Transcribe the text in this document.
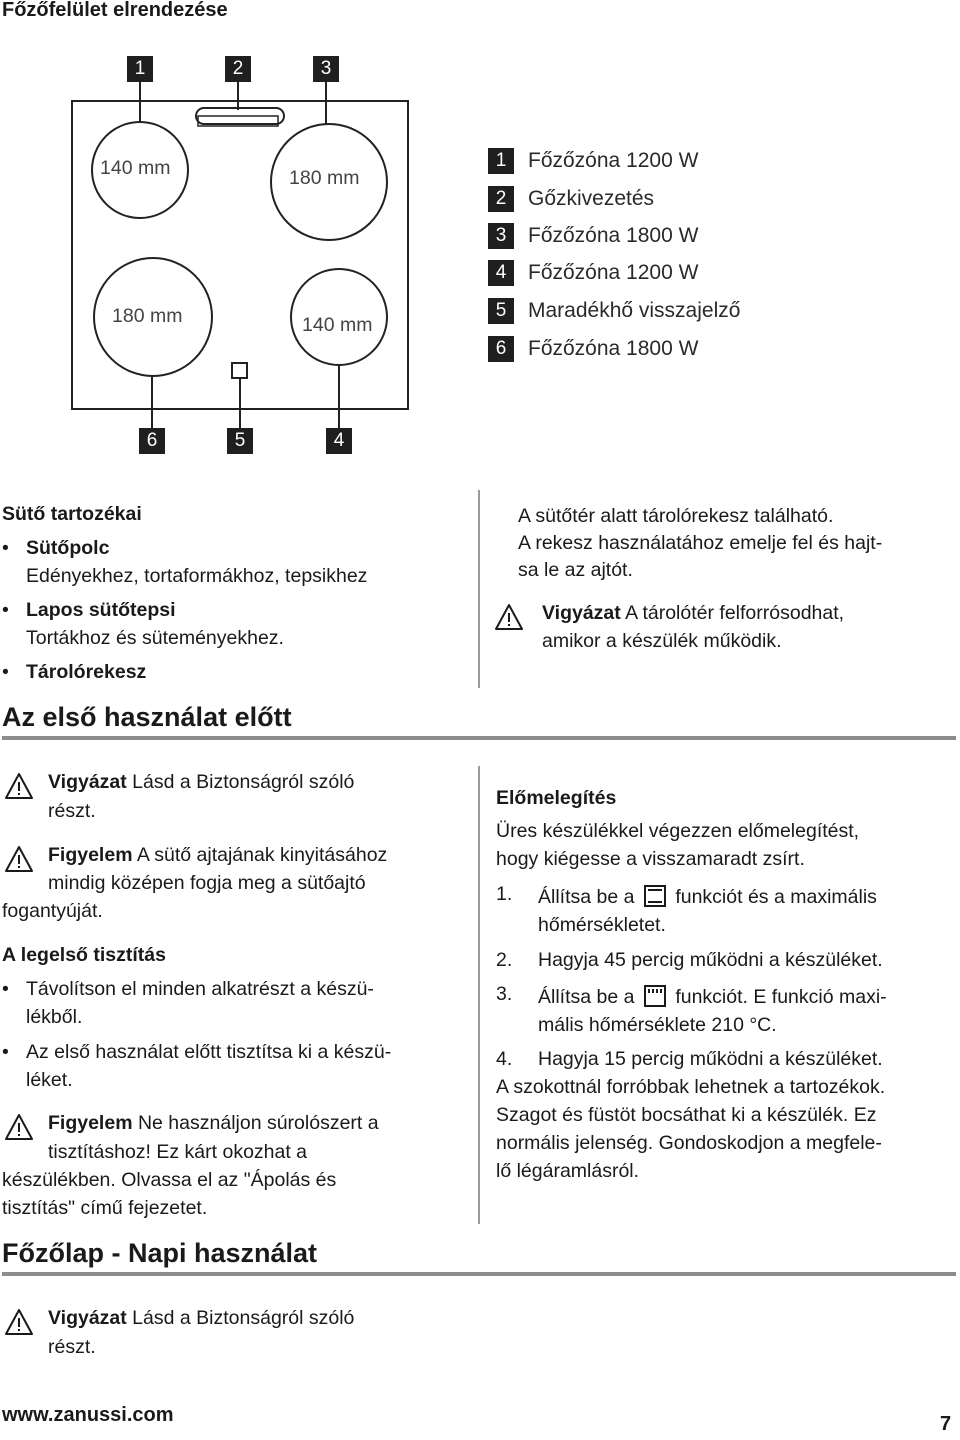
Főzőfelület elrendezése
1	2	3
6	5	4
140 mm	180 mm
180 mm	140 mm
1	Főzőzóna 1200 W
2	Gőzkivezetés
3	Főzőzóna 1800 W
4	Főzőzóna 1200 W
5	Maradékhő visszajelző
6	Főzőzóna 1800 W
Sütő tartozékai
• Sütőpolc
Edényekhez, tortaformákhoz, tepsikhez
• Lapos sütőtepsi
Tortákhoz és süteményekhez.
• Tárolórekesz
Az első használat előtt
A sütőtér alatt tárolórekesz található.
A rekesz használatához emelje fel és hajt-
sa le az ajtót.
Vigyázat A tárolótér felforrósodhat,
amikor a készülék működik.
Vigyázat Lásd a Biztonságról szóló
részt.
Figyelem A sütő ajtajának kinyitásához
mindig középen fogja meg a sütőajtó
fogantyúját.
A legelső tisztítás
• Távolítson el minden alkatrészt a készü-
lékből.
• Az első használat előtt tisztítsa ki a készü-
léket.
Figyelem Ne használjon súrolószert a
tisztításhoz! Ez kárt okozhat a
készülékben. Olvassa el az "Ápolás és
tisztítás" című fejezetet.
Előmelegítés
Üres készülékkel végezzen előmelegítést,
hogy kiégesse a visszamaradt zsírt.
1. Állítsa be a funkciót és a maximális
hőmérsékletet.
2. Hagyja 45 percig működni a készüléket.
3. Állítsa be a funkciót. E funkció maxi-
mális hőmérséklete 210 °C.
4. Hagyja 15 percig működni a készüléket.
A szokottnál forróbbak lehetnek a tartozékok.
Szagot és füstöt bocsáthat ki a készülék. Ez
normális jelenség. Gondoskodjon a megfele-
lő légáramlásról.
Főzőlap - Napi használat
Vigyázat Lásd a Biztonságról szóló
részt.
www.zanussi.com	7
